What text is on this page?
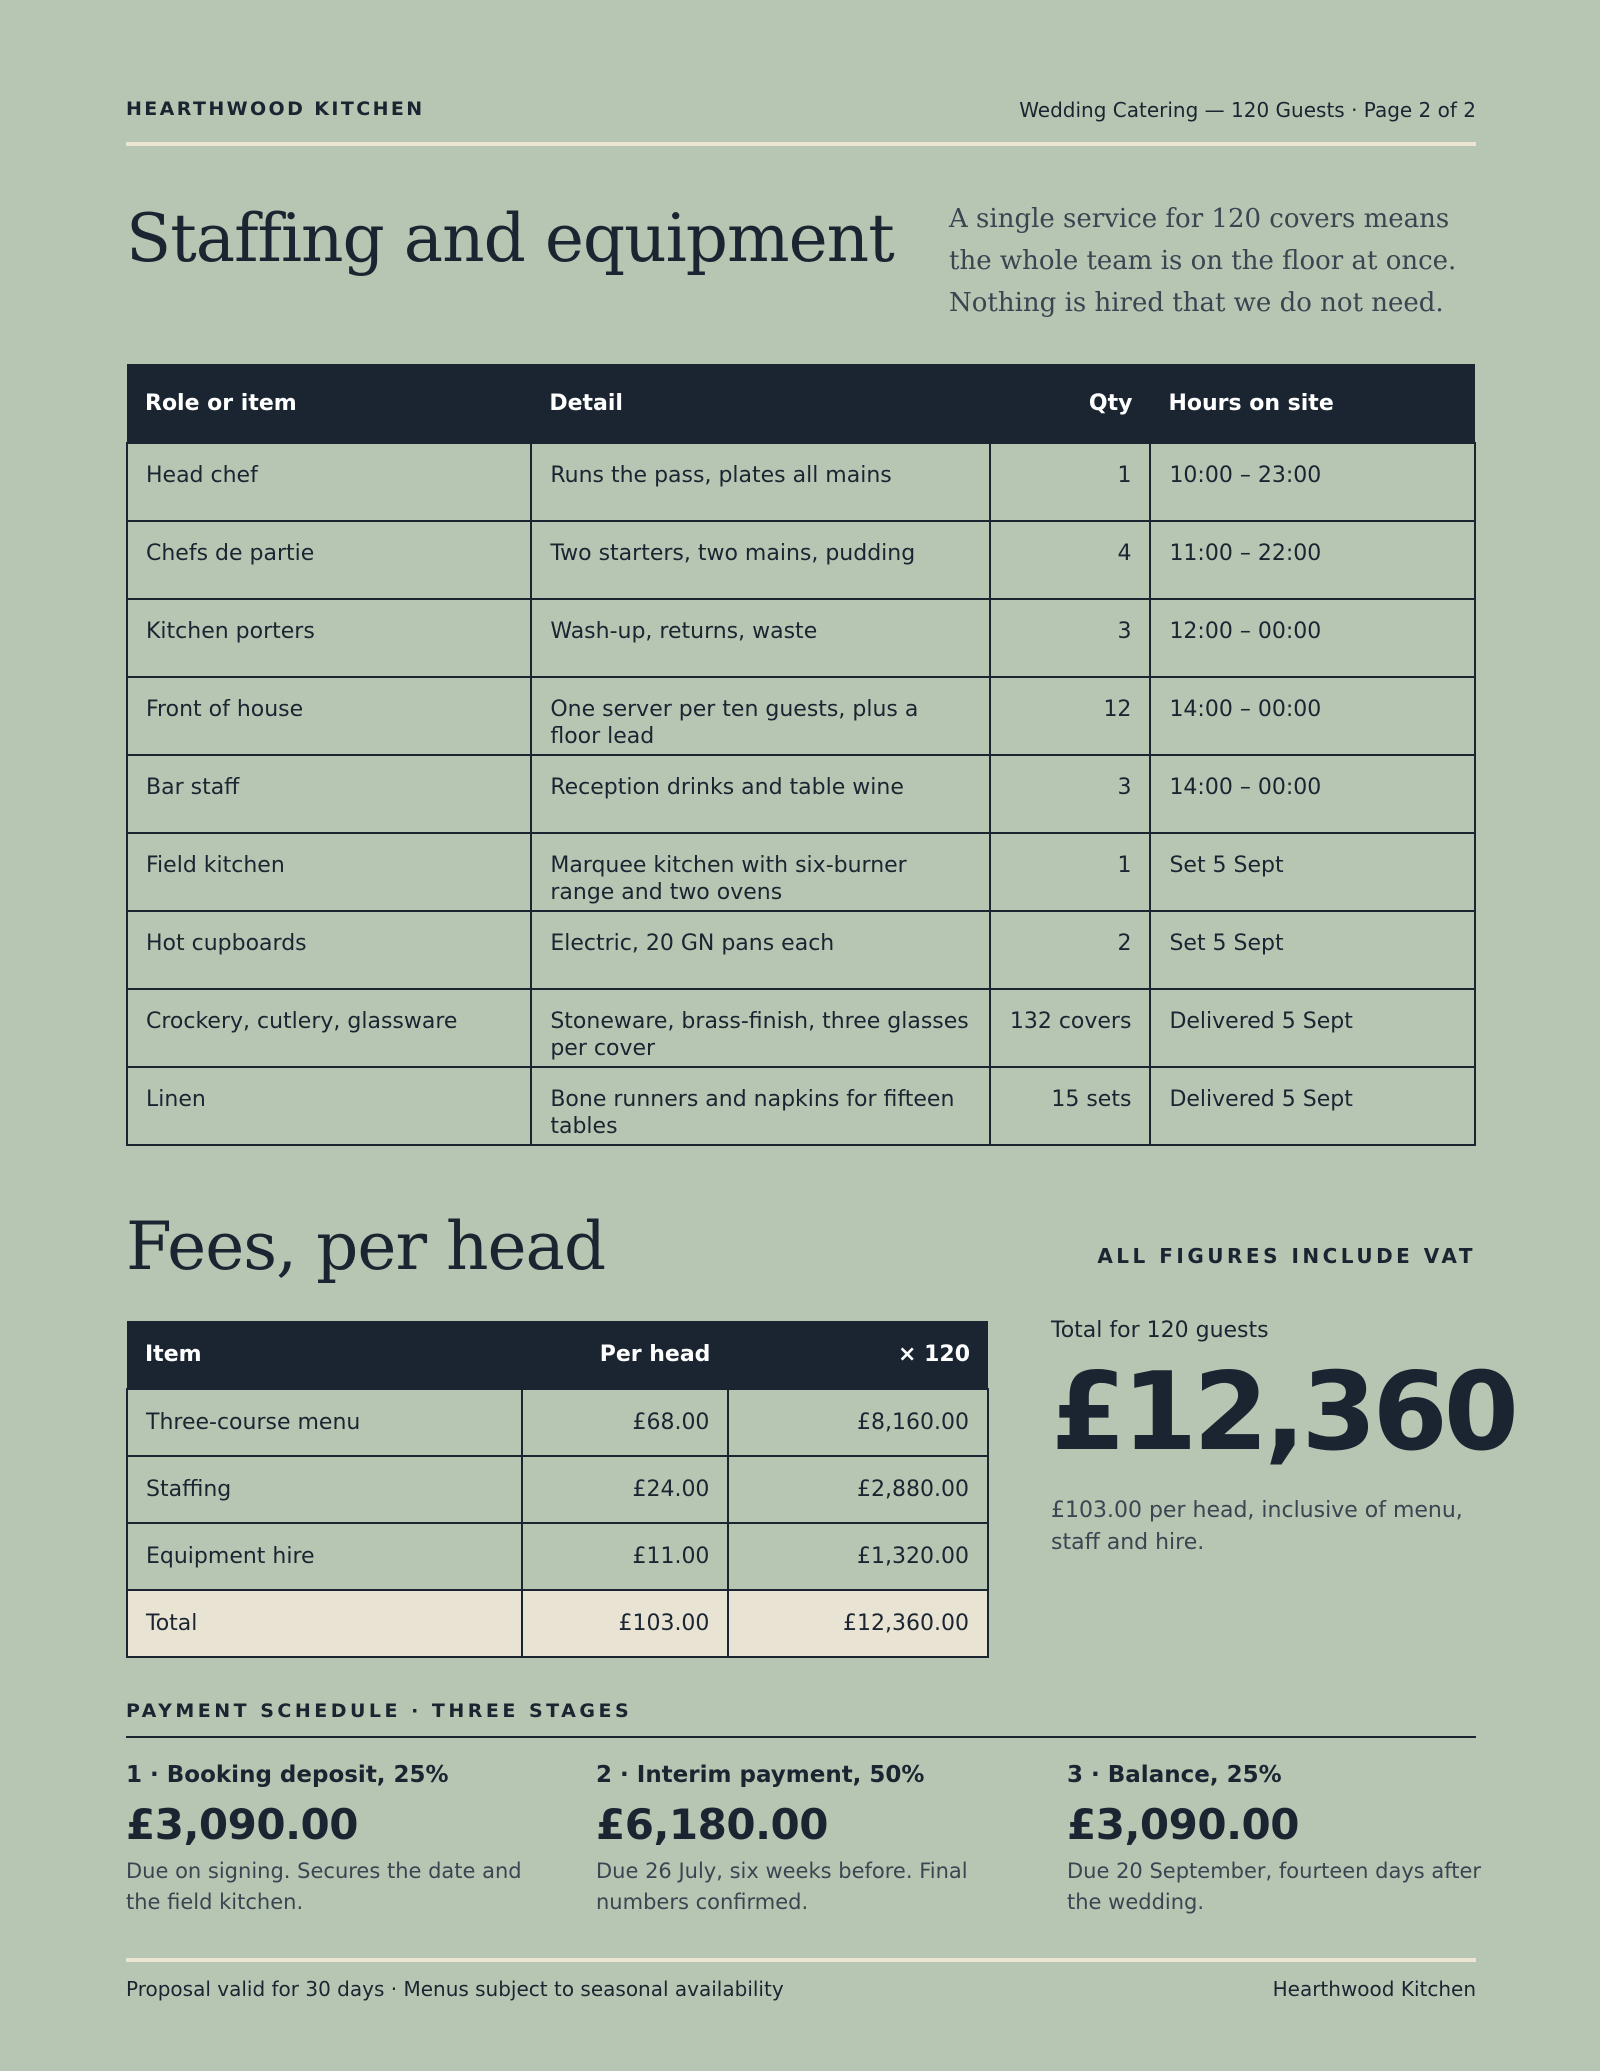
HEARTHWOOD KITCHEN	Wedding Catering — 120 Guests · Page 2 of 2
Staffing and equipment A single service for 120 covers means the whole team is on the floor at once. Nothing is hired that we do not need.
Role or item	Detail	Qty	Hours on site
Head chef	Runs the pass, plates all mains	1	10:00 – 23:00
Chefs de partie	Two starters, two mains, pudding	4	11:00 – 22:00
Kitchen porters	Wash-up, returns, waste	3	12:00 – 00:00
Front of house	One server per ten guests, plus a floor lead	12	14:00 – 00:00
Bar staff	Reception drinks and table wine	3	14:00 – 00:00
Field kitchen	Marquee kitchen with six-burner range and two ovens	1	Set 5 Sept
Hot cupboards	Electric, 20 GN pans each	2	Set 5 Sept
Crockery, cutlery, glassware	Stoneware, brass-finish, three glasses per cover	132 covers	Delivered 5 Sept
Linen	Bone runners and napkins for fifteen tables	15 sets	Delivered 5 Sept
Fees, per head	ALL FIGURES INCLUDE VAT
Item	Per head	× 120
Three-course menu	£68.00	£8,160.00
Staffing	£24.00	£2,880.00
Equipment hire	£11.00	£1,320.00
Total	£103.00	£12,360.00
Total for 120 guests
£12,360
£103.00 per head, inclusive of menu, staff and hire.
PAYMENT SCHEDULE · THREE STAGES
1 · Booking deposit, 25%
£3,090.00
Due on signing. Secures the date and the field kitchen.
2 · Interim payment, 50%
£6,180.00
Due 26 July, six weeks before. Final numbers confirmed.
3 · Balance, 25%
£3,090.00
Due 20 September, fourteen days after the wedding.
Proposal valid for 30 days · Menus subject to seasonal availability	Hearthwood Kitchen
